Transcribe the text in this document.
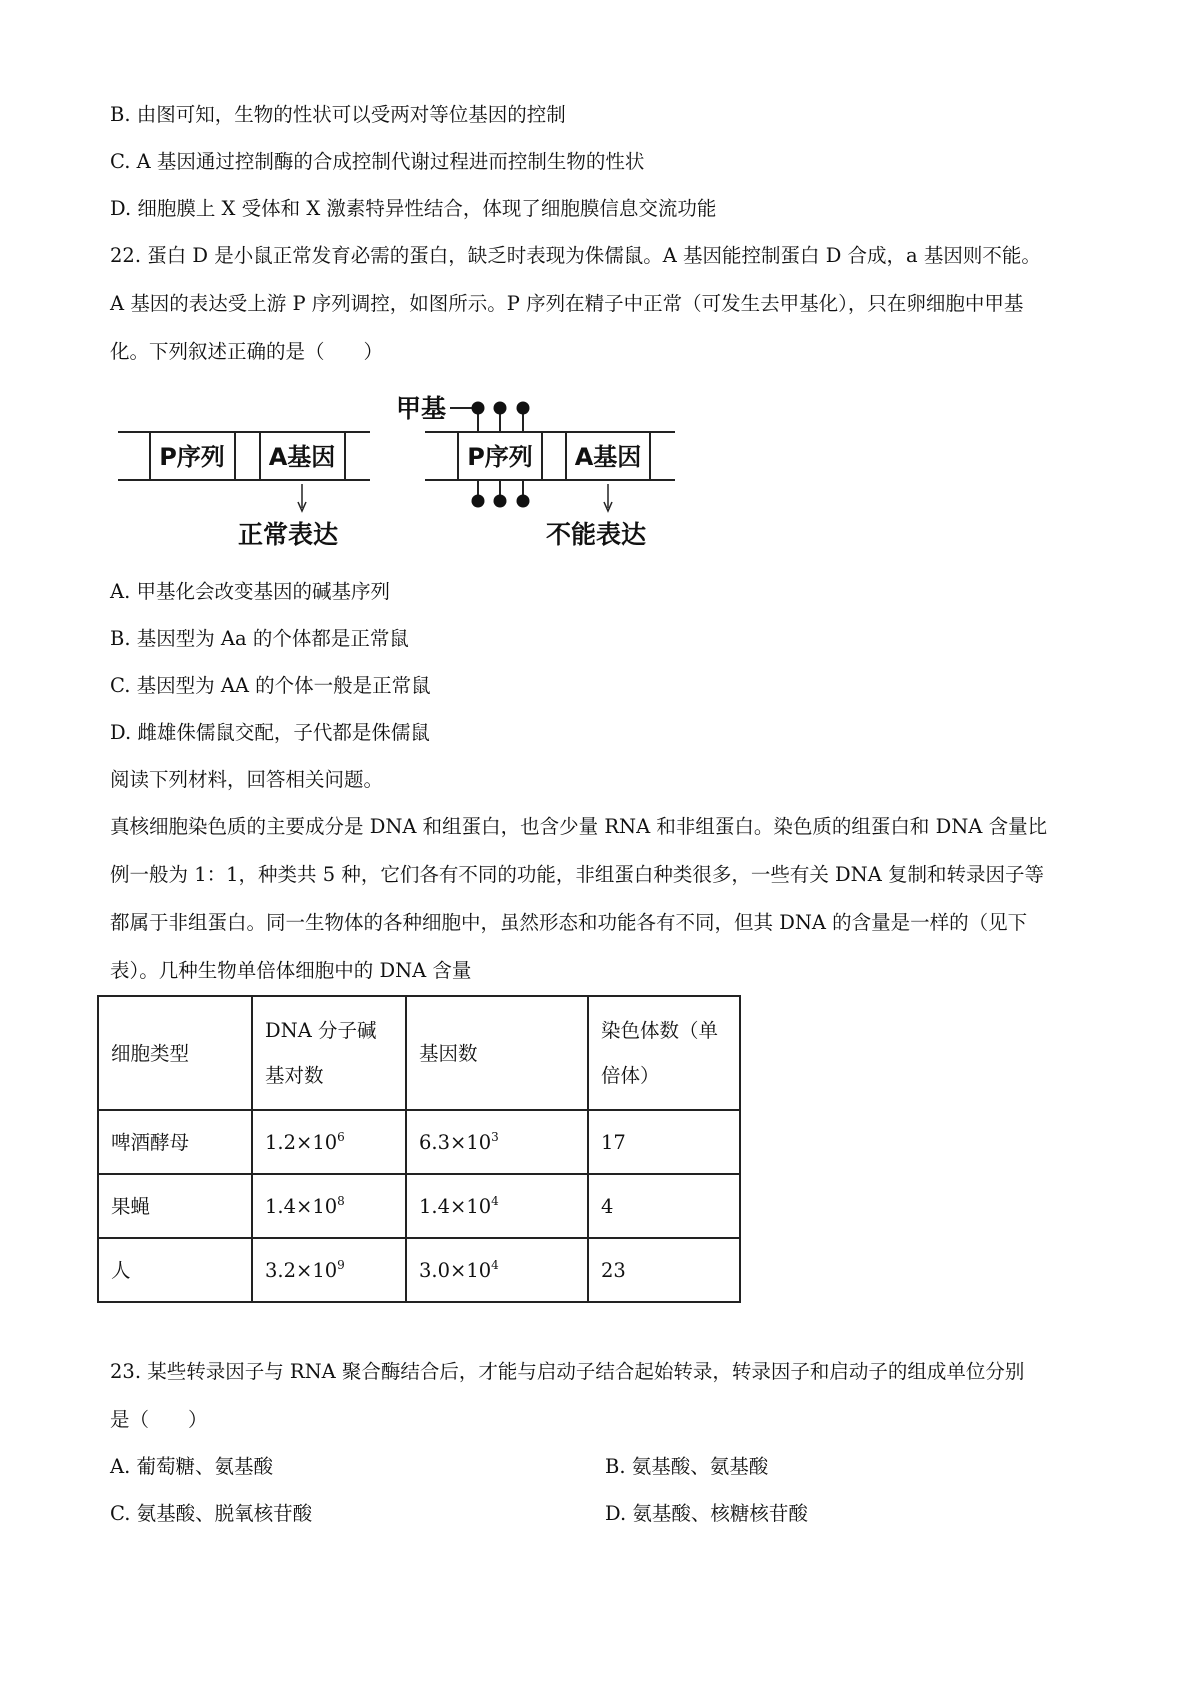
B. 由图可知，生物的性状可以受两对等位基因的控制
C. A 基因通过控制酶的合成控制代谢过程进而控制生物的性状
D. 细胞膜上 X 受体和 X 激素特异性结合，体现了细胞膜信息交流功能
22. 蛋白 D 是小鼠正常发育必需的蛋白，缺乏时表现为侏儒鼠。A 基因能控制蛋白 D 合成，a 基因则不能。
A 基因的表达受上游 P 序列调控，如图所示。P 序列在精子中正常（可发生去甲基化），只在卵细胞中甲基
化。下列叙述正确的是（　　）
P序列 A基因
正常表达
甲基
P序列 A基因
不能表达
A. 甲基化会改变基因的碱基序列
B. 基因型为 Aa 的个体都是正常鼠
C. 基因型为 AA 的个体一般是正常鼠
D. 雌雄侏儒鼠交配，子代都是侏儒鼠
阅读下列材料，回答相关问题。
真核细胞染色质的主要成分是 DNA 和组蛋白，也含少量 RNA 和非组蛋白。染色质的组蛋白和 DNA 含量比
例一般为 1：1，种类共 5 种，它们各有不同的功能，非组蛋白种类很多，一些有关 DNA 复制和转录因子等
都属于非组蛋白。同一生物体的各种细胞中，虽然形态和功能各有不同，但其 DNA 的含量是一样的（见下
表）。几种生物单倍体细胞中的 DNA 含量
细胞类型	DNA 分子碱基对数	基因数	染色体数（单倍体）
啤酒酵母	$1.2\times 10^6$	$6.3\times 10^3$	17
果蝇	$1.4\times 10^8$	$1.4\times 10^4$	4
人	$3.2\times 10^9$	$3.0\times 10^4$	23
23. 某些转录因子与 RNA 聚合酶结合后，才能与启动子结合起始转录，转录因子和启动子的组成单位分别
是（　　）
A. 葡萄糖、氨基酸	B. 氨基酸、氨基酸
C. 氨基酸、脱氧核苷酸	D. 氨基酸、核糖核苷酸
